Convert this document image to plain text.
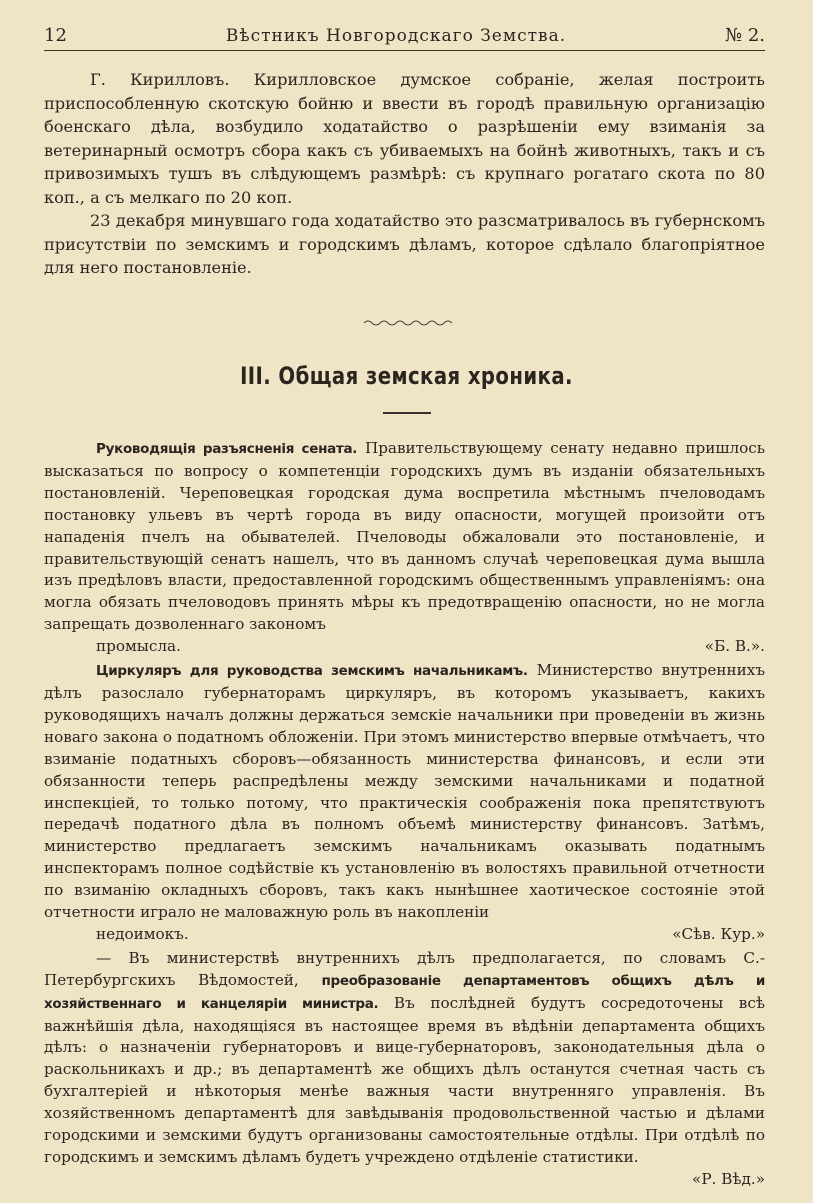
12	Вѣстникъ Новгородскаго Земства.	№ 2.

Г. Кирилловъ. Кирилловское думское собраніе, желая построить приспособленную скотскую бойню и ввести въ городѣ правильную организацію боенскаго дѣла, возбудило ходатайство о разрѣшеніи ему взиманія за ветеринарный осмотръ сбора какъ съ убиваемыхъ на бойнѣ животныхъ, такъ и съ привозимыхъ тушъ въ слѣдующемъ размѣрѣ: съ крупнаго рогатаго скота по 80 коп., а съ мелкаго по 20 коп.

23 декабря минувшаго года ходатайство это разсматривалось въ губернскомъ присутствіи по земскимъ и городскимъ дѣламъ, которое сдѣлало благопріятное для него постановленіе.

III. Общая земская хроника.

Руководящія разъясненія сената. Правительствующему сенату недавно пришлось высказаться по вопросу о компетенціи городскихъ думъ въ изданіи обязательныхъ постановленій. Череповецкая городская дума воспретила мѣстнымъ пчеловодамъ постановку ульевъ въ чертѣ города въ виду опасности, могущей произойти отъ нападенія пчелъ на обывателей. Пчеловоды обжаловали это постановленіе, и правительствующій сенатъ нашелъ, что въ данномъ случаѣ череповецкая дума вышла изъ предѣловъ власти, предоставленной городскимъ общественнымъ управленіямъ: она могла обязать пчеловодовъ принять мѣры къ предотвращенію опасности, но не могла запрещать дозволеннаго закономъ
промысла.	«Б. В.».

Циркуляръ для руководства земскимъ начальникамъ. Министерство внутреннихъ дѣлъ разослало губернаторамъ циркуляръ, въ которомъ указываетъ, какихъ руководящихъ началъ должны держаться земскіе начальники при проведеніи въ жизнь новаго закона о податномъ обложеніи. При этомъ министерство впервые отмѣчаетъ, что взиманіе податныхъ сборовъ—обязанность министерства финансовъ, и если эти обязанности теперь распредѣлены между земскими начальниками и податной инспекціей, то только потому, что практическія соображенія пока препятствуютъ передачѣ податного дѣла въ полномъ объемѣ министерству финансовъ. Затѣмъ, министерство предлагаетъ земскимъ начальникамъ оказывать податнымъ инспекторамъ полное содѣйствіе къ установленію въ волостяхъ правильной отчетности по взиманію окладныхъ сборовъ, такъ какъ нынѣшнее хаотическое состояніе этой отчетности играло не маловажную роль въ накопленіи
недоимокъ.	«Сѣв. Кур.»

— Въ министерствѣ внутреннихъ дѣлъ предполагается, по словамъ С.-Петербургскихъ Вѣдомостей, преобразованіе департаментовъ общихъ дѣлъ и хозяйственнаго и канцеляріи министра. Въ послѣдней будутъ сосредоточены всѣ важнѣйшія дѣла, находящіяся въ настоящее время въ вѣдѣніи департамента общихъ дѣлъ: о назначеніи губернаторовъ и вице-губернаторовъ, законодательныя дѣла о раскольникахъ и др.; въ департаментѣ же общихъ дѣлъ останутся счетная часть съ бухгалтеріей и нѣкоторыя менѣе важныя части внутренняго управленія. Въ хозяйственномъ департаментѣ для завѣдыванія продовольственной частью и дѣлами городскими и земскими будутъ организованы самостоятельные отдѣлы. При отдѣлѣ по городскимъ и земскимъ дѣламъ будетъ учреждено отдѣленіе статистики.
«Р. Вѣд.»
